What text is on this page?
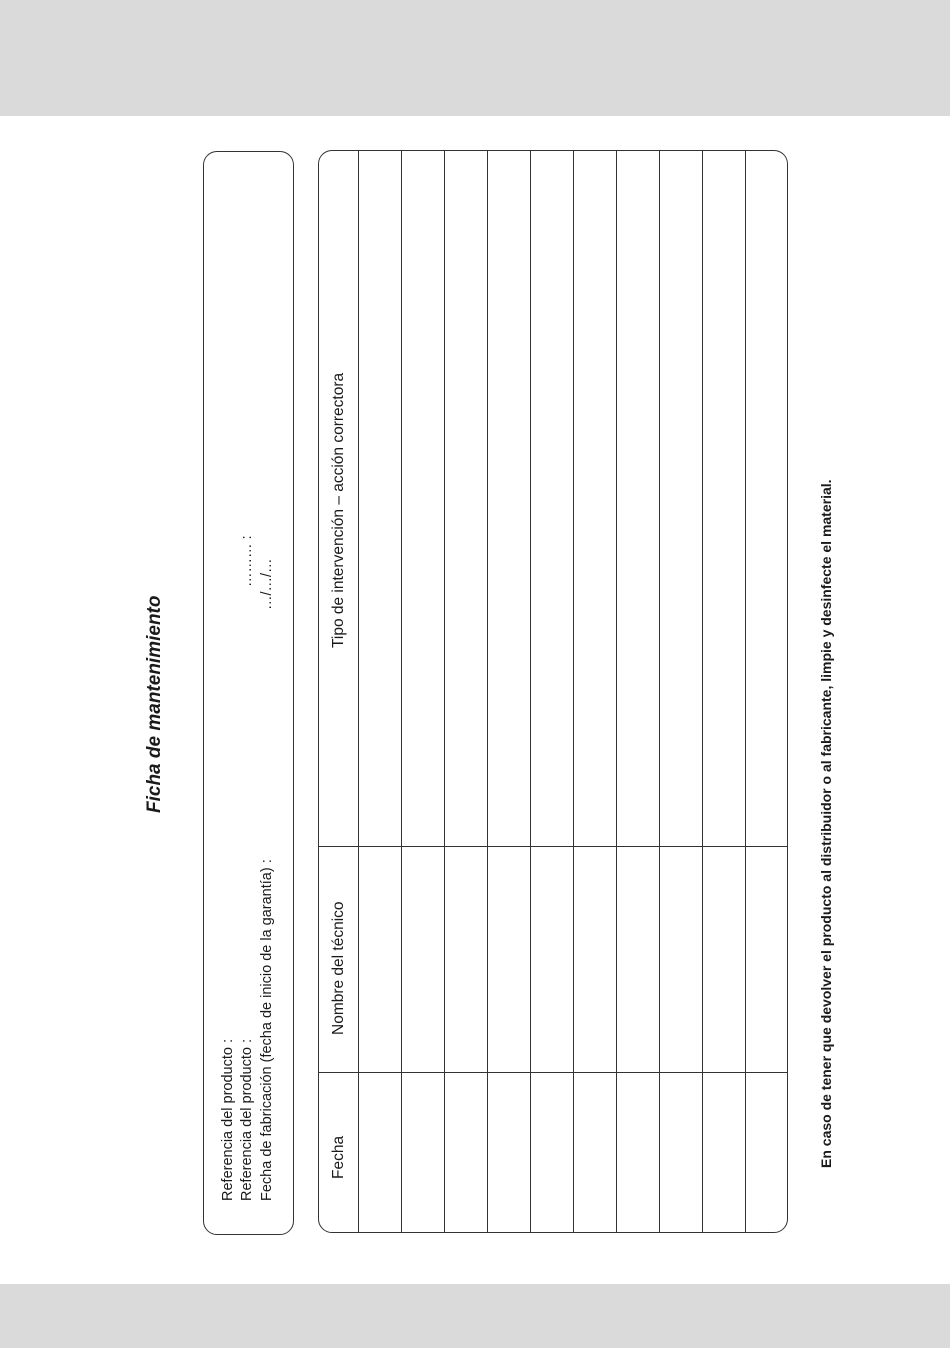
Ficha de mantenimiento
Referencia del producto : Referencia del producto : Fecha de fabricación (fecha de inicio de la garantía) :
……… : …/…/…
Fecha
Nombre del técnico
Tipo de intervención – acción correctora	En caso de tener que devolver el producto al distribuidor o al fabricante, limpie y desinfecte el material.
